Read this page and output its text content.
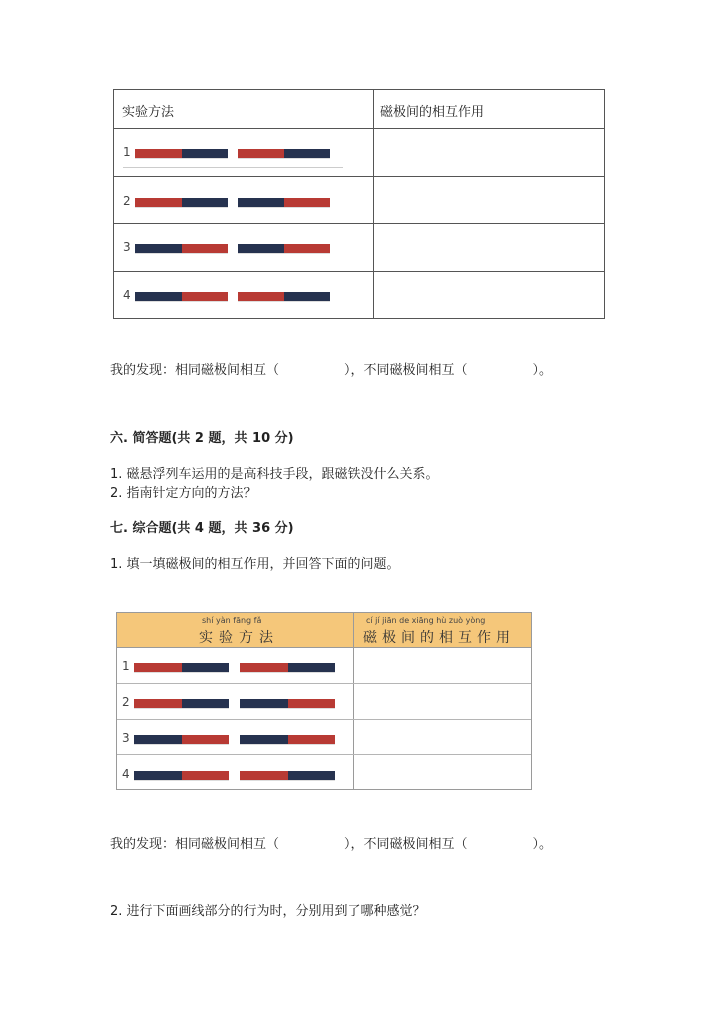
实验方法	磁极间的相互作用
1
2
3
4
我的发现：相同磁极间相互（　　　　　），不同磁极间相互（　　　　　）。
六. 简答题(共 2 题，共 10 分)
1. 磁悬浮列车运用的是高科技手段，跟磁铁没什么关系。
2. 指南针定方向的方法？
七. 综合题(共 4 题，共 36 分)
1. 填一填磁极间的相互作用，并回答下面的问题。
shí yàn fāng fǎ
实验方法
cí jí jiān de xiāng hù zuò yòng
磁极间的相互作用
1
2
3
4
我的发现：相同磁极间相互（　　　　　），不同磁极间相互（　　　　　）。
2. 进行下面画线部分的行为时，分别用到了哪种感觉？
